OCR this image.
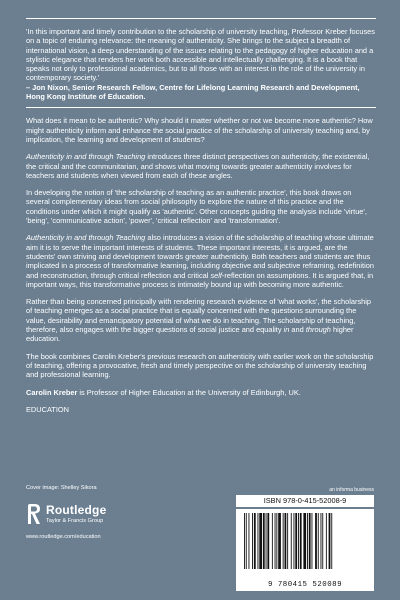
'In this important and timely contribution to the scholarship of university teaching, Professor Kreber focuses on a topic of enduring relevance: the meaning of authenticity. She brings to the subject a breadth of international vision, a deep understanding of the issues relating to the pedagogy of higher education and a stylistic elegance that renders her work both accessible and intellectually challenging. It is a book that speaks not only to professional academics, but to all those with an interest in the role of the university in contemporary society.'

– Jon Nixon, Senior Research Fellow, Centre for Lifelong Learning Research and Development, Hong Kong Institute of Education.

What does it mean to be authentic? Why should it matter whether or not we become more authentic? How might authenticity inform and enhance the social practice of the scholarship of university teaching and, by implication, the learning and development of students?

Authenticity in and through Teaching introduces three distinct perspectives on authenticity, the existential, the critical and the communitarian, and shows what moving towards greater authenticity involves for teachers and students when viewed from each of these angles.

In developing the notion of 'the scholarship of teaching as an authentic practice', this book draws on several complementary ideas from social philosophy to explore the nature of this practice and the conditions under which it might qualify as 'authentic'. Other concepts guiding the analysis include 'virtue', 'being', 'communicative action', 'power', 'critical reflection' and 'transformation'.

Authenticity in and through Teaching also introduces a vision of the scholarship of teaching whose ultimate aim it is to serve the important interests of students. These important interests, it is argued, are the students' own striving and development towards greater authenticity. Both teachers and students are thus implicated in a process of transformative learning, including objective and subjective reframing, redefinition and reconstruction, through critical reflection and critical self-reflection on assumptions. It is argued that, in important ways, this transformative process is intimately bound up with becoming more authentic.

Rather than being concerned principally with rendering research evidence of 'what works', the scholarship of teaching emerges as a social practice that is equally concerned with the questions surrounding the value, desirability and emancipatory potential of what we do in teaching. The scholarship of teaching, therefore, also engages with the bigger questions of social justice and equality in and through higher education.

The book combines Carolin Kreber's previous research on authenticity with earlier work on the scholarship of teaching, offering a provocative, fresh and timely perspective on the scholarship of university teaching and professional learning.

Carolin Kreber is Professor of Higher Education at the University of Edinburgh, UK.

EDUCATION

Cover image: Shelley Sikora
Routledge
Taylor & Francis Group
www.routledge.com/education
an informa business
ISBN 978-0-415-52008-9
9 780415 520089
